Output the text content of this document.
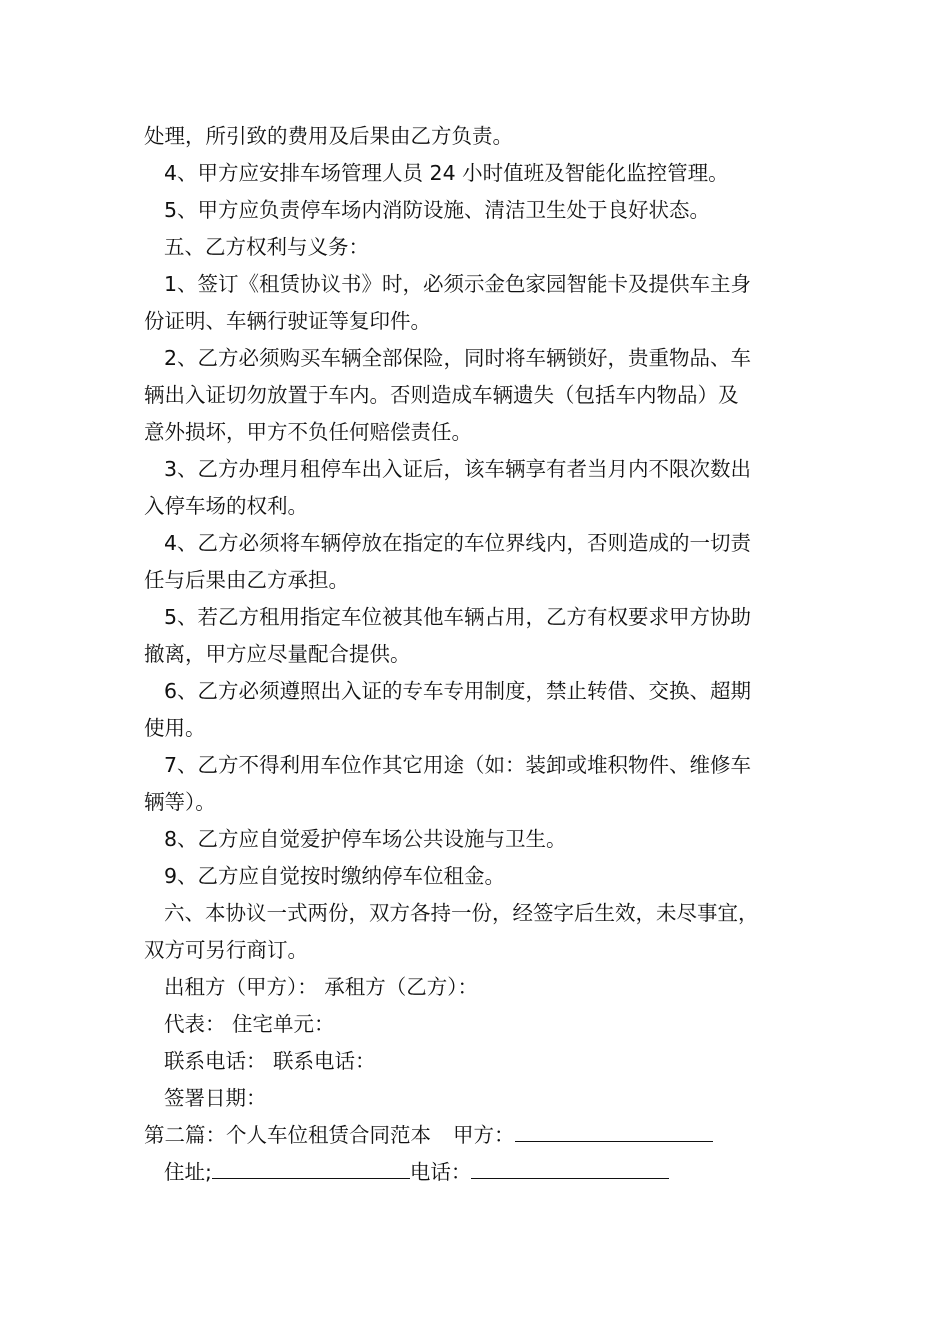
处理，所引致的费用及后果由乙方负责。
4、甲方应安排车场管理人员 24 小时值班及智能化监控管理。
5、甲方应负责停车场内消防设施、清洁卫生处于良好状态。
五、乙方权利与义务：
1、签订《租赁协议书》时，必须示金色家园智能卡及提供车主身
份证明、车辆行驶证等复印件。
2、乙方必须购买车辆全部保险，同时将车辆锁好，贵重物品、车
辆出入证切勿放置于车内。否则造成车辆遗失（包括车内物品）及
意外损坏，甲方不负任何赔偿责任。
3、乙方办理月租停车出入证后，该车辆享有者当月内不限次数出
入停车场的权利。
4、乙方必须将车辆停放在指定的车位界线内，否则造成的一切责
任与后果由乙方承担。
5、若乙方租用指定车位被其他车辆占用，乙方有权要求甲方协助
撤离，甲方应尽量配合提供。
6、乙方必须遵照出入证的专车专用制度，禁止转借、交换、超期
使用。
7、乙方不得利用车位作其它用途（如：装卸或堆积物件、维修车
辆等）。
8、乙方应自觉爱护停车场公共设施与卫生。
9、乙方应自觉按时缴纳停车位租金。
六、本协议一式两份，双方各持一份，经签字后生效，未尽事宜，
双方可另行商订。
出租方（甲方）： 承租方（乙方）：
代表： 住宅单元：
联系电话： 联系电话：
签署日期：
第二篇：个人车位租赁合同范本 甲方：
住址;	电话：
